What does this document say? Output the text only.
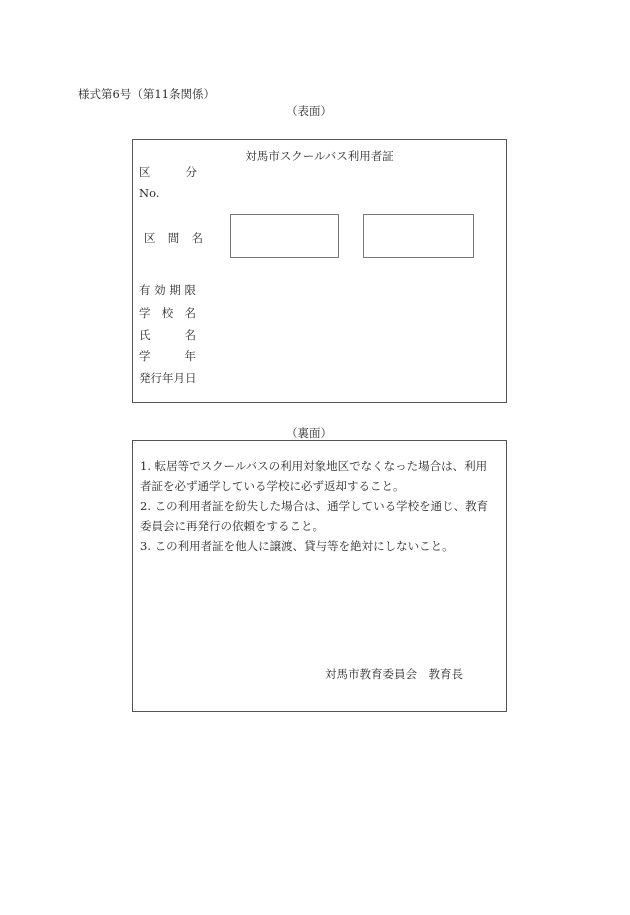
様式第6号（第11条関係）
（表面）
対馬市スクールバス利用者証
区	分
No.
区 間 名
有 効 期 限
学 校 名
氏	名
学	年
発行年月日
（裏面）
1. 転居等でスクールバスの利用対象地区でなくなった場合は、利用
者証を必ず通学している学校に必ず返却すること。
2. この利用者証を紛失した場合は、通学している学校を通じ、教育
委員会に再発行の依頼をすること。
3. この利用者証を他人に譲渡、貸与等を絶対にしないこと。
対馬市教育委員会　教育長
